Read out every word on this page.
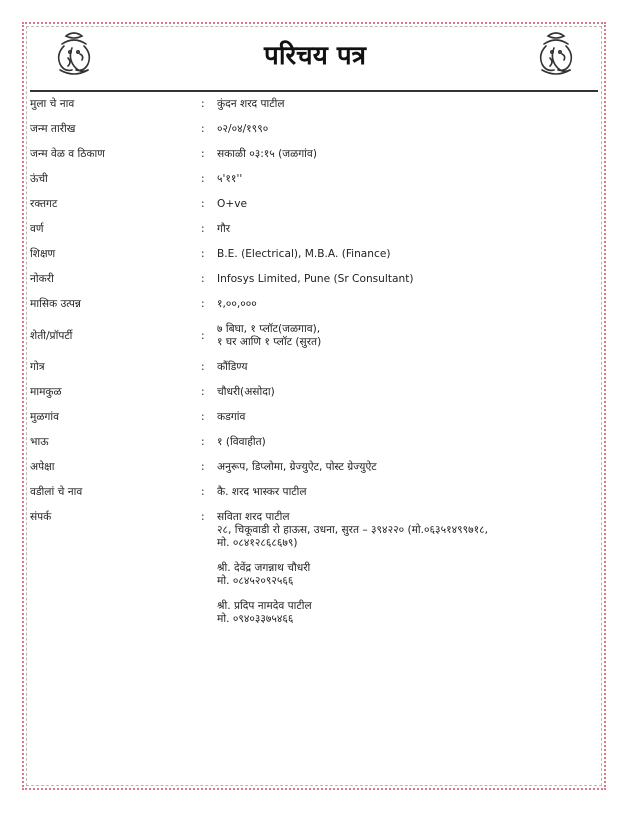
परिचय पत्र
मुला चे नाव	:	कुंदन शरद पाटील
जन्म तारीख	:	०२/०४/१९९०
जन्म वेळ व ठिकाण	:	सकाळी ०३:१५ (जळगांव)
ऊंची	:	५'११''
रक्तगट	:	O+ve
वर्ण	:	गौर
शिक्षण	:	B.E. (Electrical), M.B.A. (Finance)
नोकरी	:	Infosys Limited, Pune (Sr Consultant)
मासिक उत्पन्न	:	१,००,०००
शेती/प्रॉपर्टी	:
७ बिघा, १ प्लॉट(जळगाव),
१ घर आणि १ प्लॉट (सुरत)
गोत्र	:	कौंडिण्य
मामकुळ	:	चौधरी(असोदा)
मुळगांव	:	कडगांव
भाऊ	:	१ (विवाहीत)
अपेक्षा	:	अनुरूप, डिप्लोमा, ग्रेज्युऐट, पोस्ट ग्रेज्युऐट
वडीलां चे नाव	:	कै. शरद भास्कर पाटील
संपर्क	:	सविता शरद पाटील
२८, चिकूवाडी रो हाऊस, उधना, सुरत – ३९४२२० (मो.०६३५१४९९७१८,
मो. ०८४१२८६८६७९)
श्री. देवेंद्र जगन्नाथ चौधरी
मो. ०८४५२०९२५६६
श्री. प्रदिप नामदेव पाटील
मो. ०९४०३३७५४६६
